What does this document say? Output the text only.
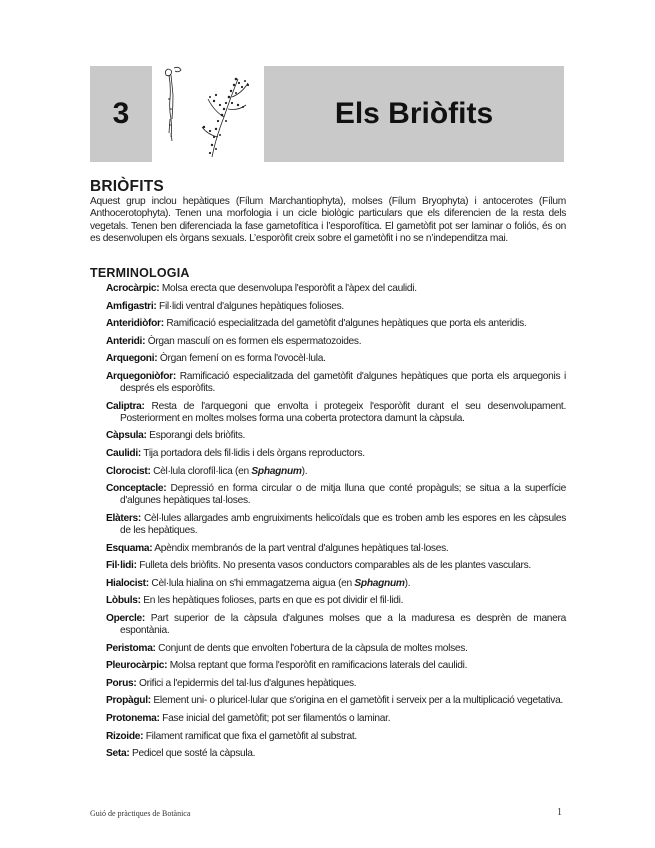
3	Els Briòfits
BRIÒFITS

Aquest grup inclou hepàtiques (Fílum Marchantiophyta), molses (Fílum Bryophyta) i antocerotes (Fílum Anthocerotophyta). Tenen una morfologia i un cicle biològic particulars que els diferencien de la resta dels vegetals. Tenen ben diferenciada la fase gametofítica i l’esporofítica. El gametòfit pot ser laminar o foliós, és on es desenvolupen els òrgans sexuals. L’esporòfit creix sobre el gametòfit i no se n’independitza mai.

TERMINOLOGIA
Acrocàrpic: Molsa erecta que desenvolupa l'esporòfit a l'àpex del caulidi.
Amfigastri: Fil·lidi ventral d'algunes hepàtiques folioses.
Anteridiòfor: Ramificació especialitzada del gametòfit d'algunes hepàtiques que porta els anteridis.
Anteridi: Òrgan masculí on es formen els espermatozoides.
Arquegoni: Òrgan femení on es forma l'ovocèl·lula.
Arquegoniòfor: Ramificació especialitzada del gametòfit d'algunes hepàtiques que porta els arquegonis i després els esporòfits.
Caliptra: Resta de l'arquegoni que envolta i protegeix l'esporòfit durant el seu desenvolupament. Posteriorment en moltes molses forma una coberta protectora damunt la càpsula.
Càpsula: Esporangi dels briòfits.
Caulidi: Tija portadora dels fil·lidis i dels òrgans reproductors.
Clorocist: Cèl·lula clorofíl·lica (en Sphagnum).
Conceptacle: Depressió en forma circular o de mitja lluna que conté propàguls; se situa a la superfície d'algunes hepàtiques tal·loses.
Elàters: Cèl·lules allargades amb engruiximents helicoïdals que es troben amb les espores en les càpsules de les hepàtiques.
Esquama: Apèndix membranós de la part ventral d'algunes hepàtiques tal·loses.
Fil·lidi: Fulleta dels briòfits. No presenta vasos conductors comparables als de les plantes vasculars.
Hialocist: Cèl·lula hialina on s'hi emmagatzema aigua (en Sphagnum).
Lòbuls: En les hepàtiques folioses, parts en que es pot dividir el fil·lidi.
Opercle: Part superior de la càpsula d'algunes molses que a la maduresa es desprèn de manera espontània.
Peristoma: Conjunt de dents que envolten l'obertura de la càpsula de moltes molses.
Pleurocàrpic: Molsa reptant que forma l'esporòfit en ramificacions laterals del caulidi.
Porus: Orifici a l'epidermis del tal·lus d'algunes hepàtiques.
Propàgul: Element uni- o pluricel·lular que s'origina en el gametòfit i serveix per a la multiplicació vegetativa.
Protonema: Fase inicial del gametòfit; pot ser filamentós o laminar.
Rizoide: Filament ramificat que fixa el gametòfit al substrat.
Seta: Pedicel que sosté la càpsula.
Guió de pràctiques de Botànica	1
